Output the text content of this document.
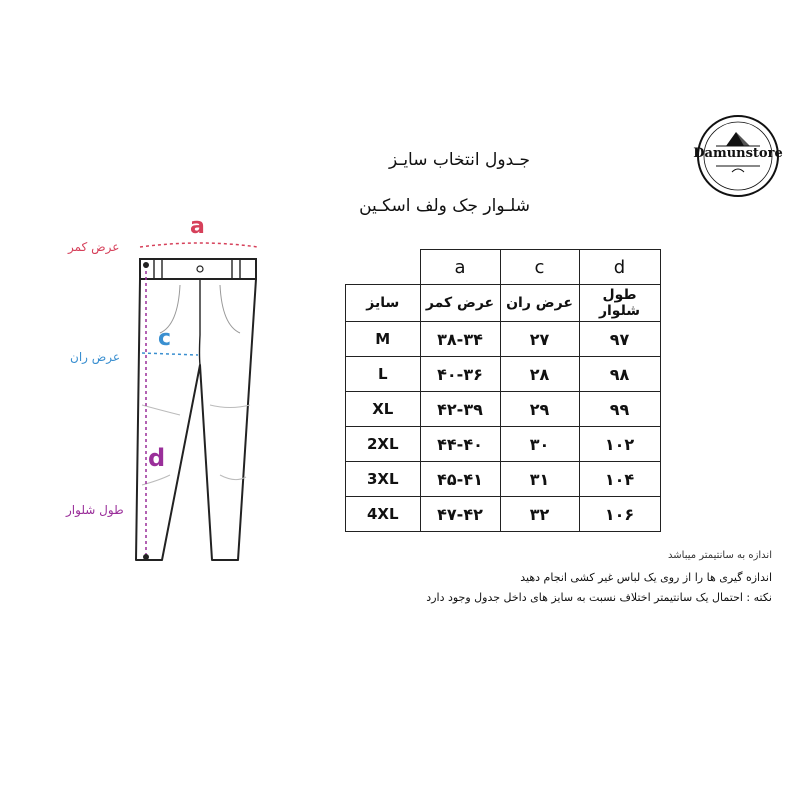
Damunstore
جـدول انتخاب سایـز
شلـوار جک ولف اسکـین
a
عرض کمر
c
عرض ران
d
طول شلوار
	a	c	d
سایز	عرض کمر	عرض ران	طول شلوار
M	۳۸-۳۴	۲۷	۹۷
L	۴۰-۳۶	۲۸	۹۸
XL	۴۲-۳۹	۲۹	۹۹
2XL	۴۴-۴۰	۳۰	۱۰۲
3XL	۴۵-۴۱	۳۱	۱۰۴
4XL	۴۷-۴۲	۳۲	۱۰۶
اندازه به سانتیمتر میباشد
اندازه گیری ها را از روی یک لباس غیر کشی انجام دهید
نکته : احتمال یک سانتیمتر اختلاف نسبت به سایز های داخل جدول وجود دارد
